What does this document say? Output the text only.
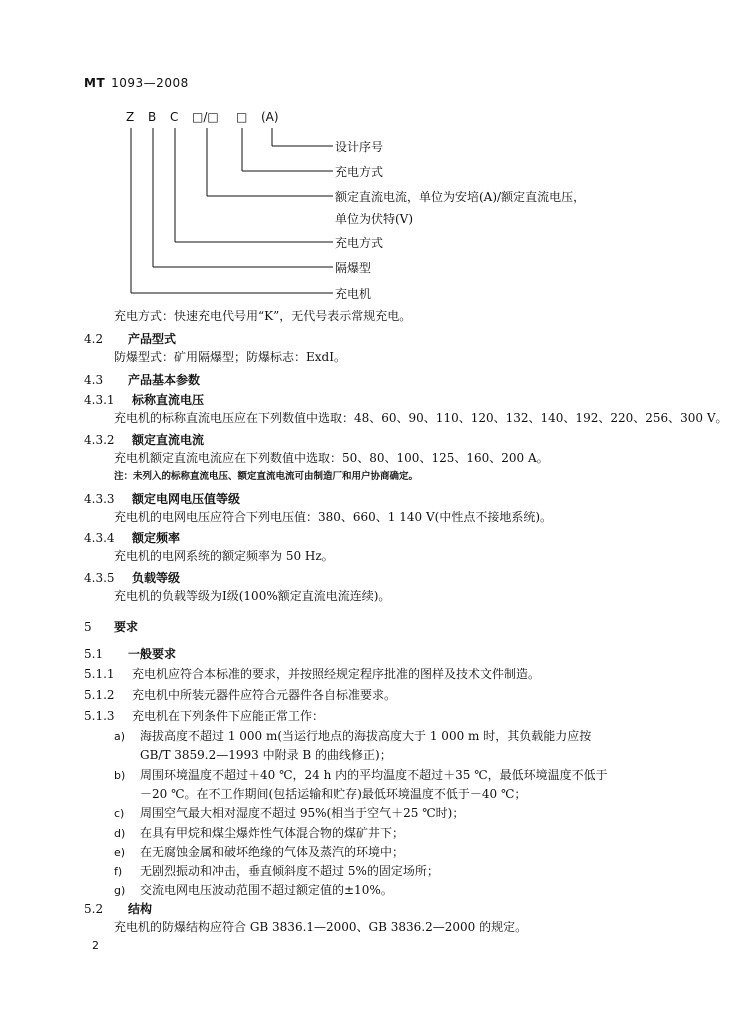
MT 1093—2008
Z B C □/□ □ (A)
设计序号
充电方式
额定直流电流，单位为安培(A)/额定直流电压，
单位为伏特(V)
充电方式
隔爆型
充电机
充电方式：快速充电代号用“K”，无代号表示常规充电。
4.2 产品型式
防爆型式：矿用隔爆型；防爆标志：ExdI。
4.3 产品基本参数
4.3.1 标称直流电压
充电机的标称直流电压应在下列数值中选取：48、60、90、110、120、132、140、192、220、256、300 V。
4.3.2 额定直流电流
充电机额定直流电流应在下列数值中选取：50、80、100、125、160、200 A。
注：未列入的标称直流电压、额定直流电流可由制造厂和用户协商确定。
4.3.3 额定电网电压值等级
充电机的电网电压应符合下列电压值：380、660、1 140 V(中性点不接地系统)。
4.3.4 额定频率
充电机的电网系统的额定频率为 50 Hz。
4.3.5 负载等级
充电机的负载等级为Ⅰ级(100%额定直流电流连续)。
5 要求
5.1 一般要求
5.1.1 充电机应符合本标准的要求，并按照经规定程序批准的图样及技术文件制造。
5.1.2 充电机中所装元器件应符合元器件各自标准要求。
5.1.3 充电机在下列条件下应能正常工作：
a) 海拔高度不超过 1 000 m(当运行地点的海拔高度大于 1 000 m 时，其负载能力应按
GB/T 3859.2—1993 中附录 B 的曲线修正)；
b) 周围环境温度不超过＋40 ℃，24 h 内的平均温度不超过＋35 ℃，最低环境温度不低于
－20 ℃。在不工作期间(包括运输和贮存)最低环境温度不低于－40 ℃；
c) 周围空气最大相对湿度不超过 95%(相当于空气＋25 ℃时)；
d) 在具有甲烷和煤尘爆炸性气体混合物的煤矿井下；
e) 在无腐蚀金属和破坏绝缘的气体及蒸汽的环境中；
f) 无剧烈振动和冲击，垂直倾斜度不超过 5%的固定场所；
g) 交流电网电压波动范围不超过额定值的±10%。
5.2 结构
充电机的防爆结构应符合 GB 3836.1—2000、GB 3836.2—2000 的规定。
2
